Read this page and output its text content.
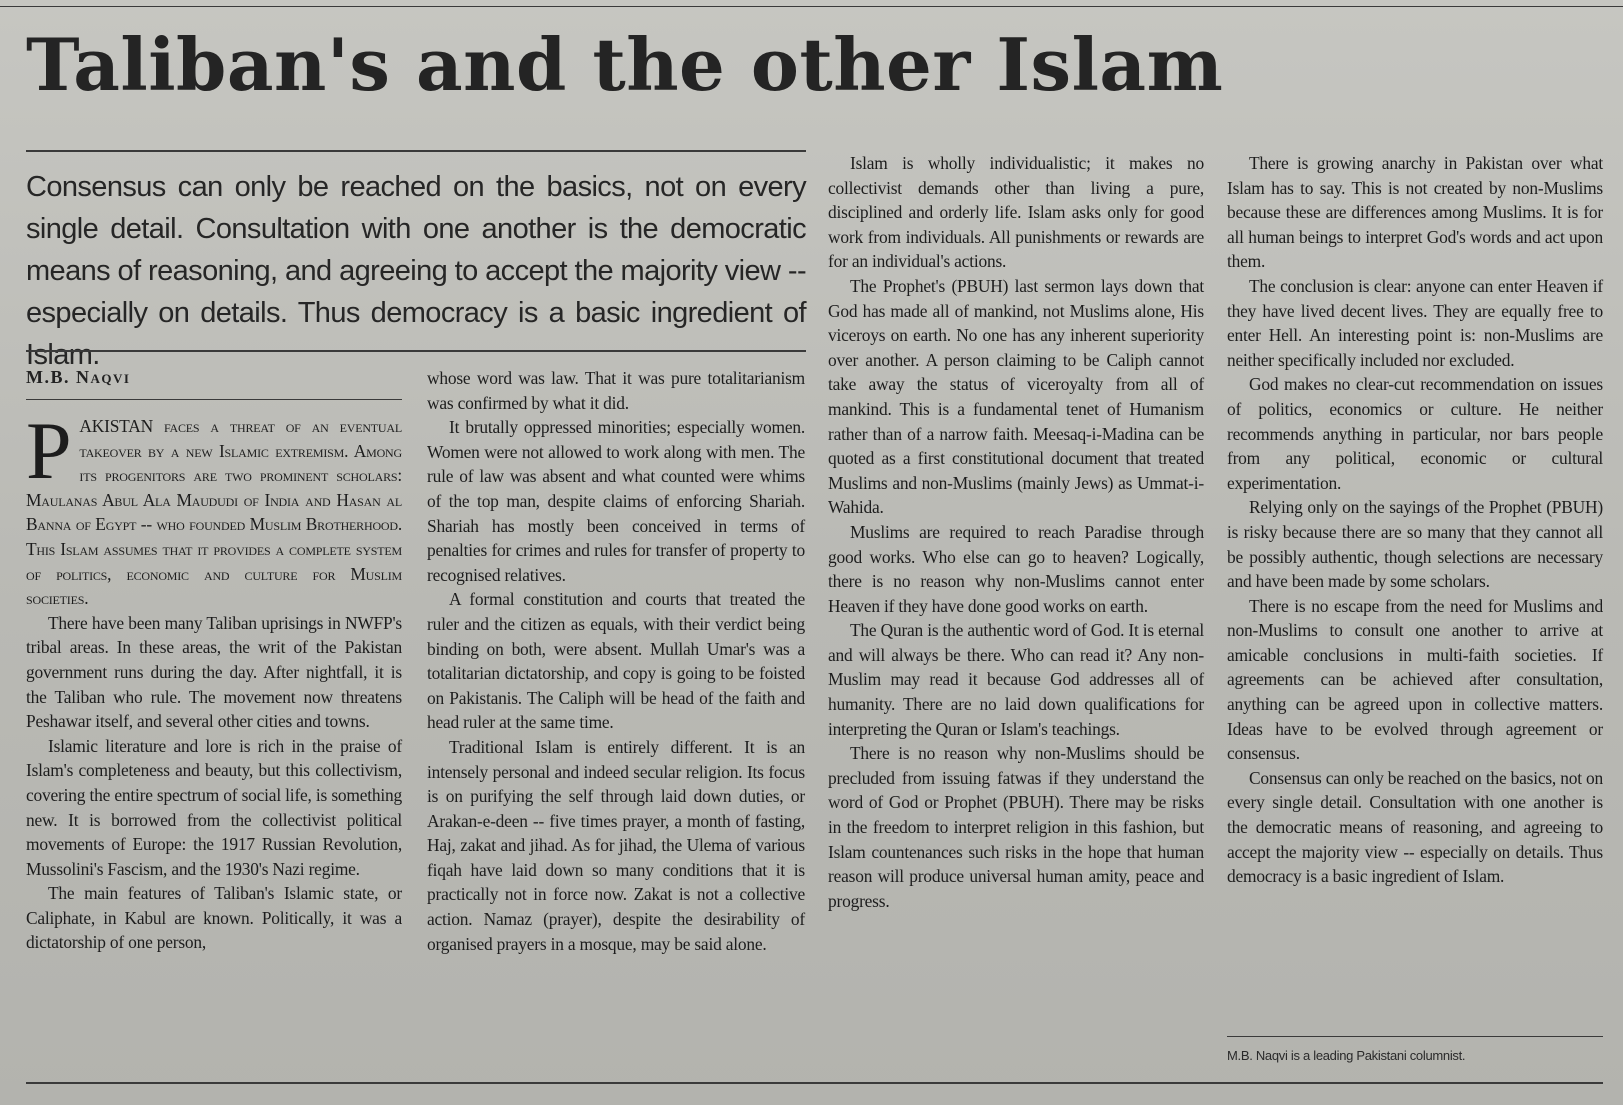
Taliban's and the other Islam

Consensus can only be reached on the basics, not on every single detail. Consultation with one another is the democratic means of reasoning, and agreeing to accept the majority view -- especially on details. Thus democracy is a basic ingredient of Islam.

M.B. Naqvi

PAKISTAN faces a threat of an eventual takeover by a new Islamic extremism. Among its progenitors are two prominent scholars: Maulanas Abul Ala Maududi of India and Hasan al Banna of Egypt -- who founded Muslim Brotherhood. This Islam assumes that it provides a complete system of politics, economic and culture for Muslim societies.

There have been many Taliban uprisings in NWFP's tribal areas. In these areas, the writ of the Pakistan government runs during the day. After nightfall, it is the Taliban who rule. The movement now threatens Peshawar itself, and several other cities and towns.

Islamic literature and lore is rich in the praise of Islam's completeness and beauty, but this collectivism, covering the entire spectrum of social life, is something new. It is borrowed from the collectivist political movements of Europe: the 1917 Russian Revolution, Mussolini's Fascism, and the 1930's Nazi regime.

The main features of Taliban's Islamic state, or Caliphate, in Kabul are known. Politically, it was a dictatorship of one person,

whose word was law. That it was pure totalitarianism was confirmed by what it did.

It brutally oppressed minorities; especially women. Women were not allowed to work along with men. The rule of law was absent and what counted were whims of the top man, despite claims of enforcing Shariah. Shariah has mostly been conceived in terms of penalties for crimes and rules for transfer of property to recognised relatives.

A formal constitution and courts that treated the ruler and the citizen as equals, with their verdict being binding on both, were absent. Mullah Umar's was a totalitarian dictatorship, and copy is going to be foisted on Pakistanis. The Caliph will be head of the faith and head ruler at the same time.

Traditional Islam is entirely different. It is an intensely personal and indeed secular religion. Its focus is on purifying the self through laid down duties, or Arakan-e-deen -- five times prayer, a month of fasting, Haj, zakat and jihad. As for jihad, the Ulema of various fiqah have laid down so many conditions that it is practically not in force now. Zakat is not a collective action. Namaz (prayer), despite the desirability of organised prayers in a mosque, may be said alone.

Islam is wholly individualistic; it makes no collectivist demands other than living a pure, disciplined and orderly life. Islam asks only for good work from individuals. All punishments or rewards are for an individual's actions.

The Prophet's (PBUH) last sermon lays down that God has made all of mankind, not Muslims alone, His viceroys on earth. No one has any inherent superiority over another. A person claiming to be Caliph cannot take away the status of viceroyalty from all of mankind. This is a fundamental tenet of Humanism rather than of a narrow faith. Meesaq-i-Madina can be quoted as a first constitutional document that treated Muslims and non-Muslims (mainly Jews) as Ummat-i-Wahida.

Muslims are required to reach Paradise through good works. Who else can go to heaven? Logically, there is no reason why non-Muslims cannot enter Heaven if they have done good works on earth.

The Quran is the authentic word of God. It is eternal and will always be there. Who can read it? Any non-Muslim may read it because God addresses all of humanity. There are no laid down qualifications for interpreting the Quran or Islam's teachings.

There is no reason why non-Muslims should be precluded from issuing fatwas if they understand the word of God or Prophet (PBUH). There may be risks in the freedom to interpret religion in this fashion, but Islam countenances such risks in the hope that human reason will produce universal human amity, peace and progress.

There is growing anarchy in Pakistan over what Islam has to say. This is not created by non-Muslims because these are differences among Muslims. It is for all human beings to interpret God's words and act upon them.

The conclusion is clear: anyone can enter Heaven if they have lived decent lives. They are equally free to enter Hell. An interesting point is: non-Muslims are neither specifically included nor excluded.

God makes no clear-cut recommendation on issues of politics, economics or culture. He neither recommends anything in particular, nor bars people from any political, economic or cultural experimentation.

Relying only on the sayings of the Prophet (PBUH) is risky because there are so many that they cannot all be possibly authentic, though selections are necessary and have been made by some scholars.

There is no escape from the need for Muslims and non-Muslims to consult one another to arrive at amicable conclusions in multi-faith societies. If agreements can be achieved after consultation, anything can be agreed upon in collective matters. Ideas have to be evolved through agreement or consensus.

Consensus can only be reached on the basics, not on every single detail. Consultation with one another is the democratic means of reasoning, and agreeing to accept the majority view -- especially on details. Thus democracy is a basic ingredient of Islam.

M.B. Naqvi is a leading Pakistani columnist.
